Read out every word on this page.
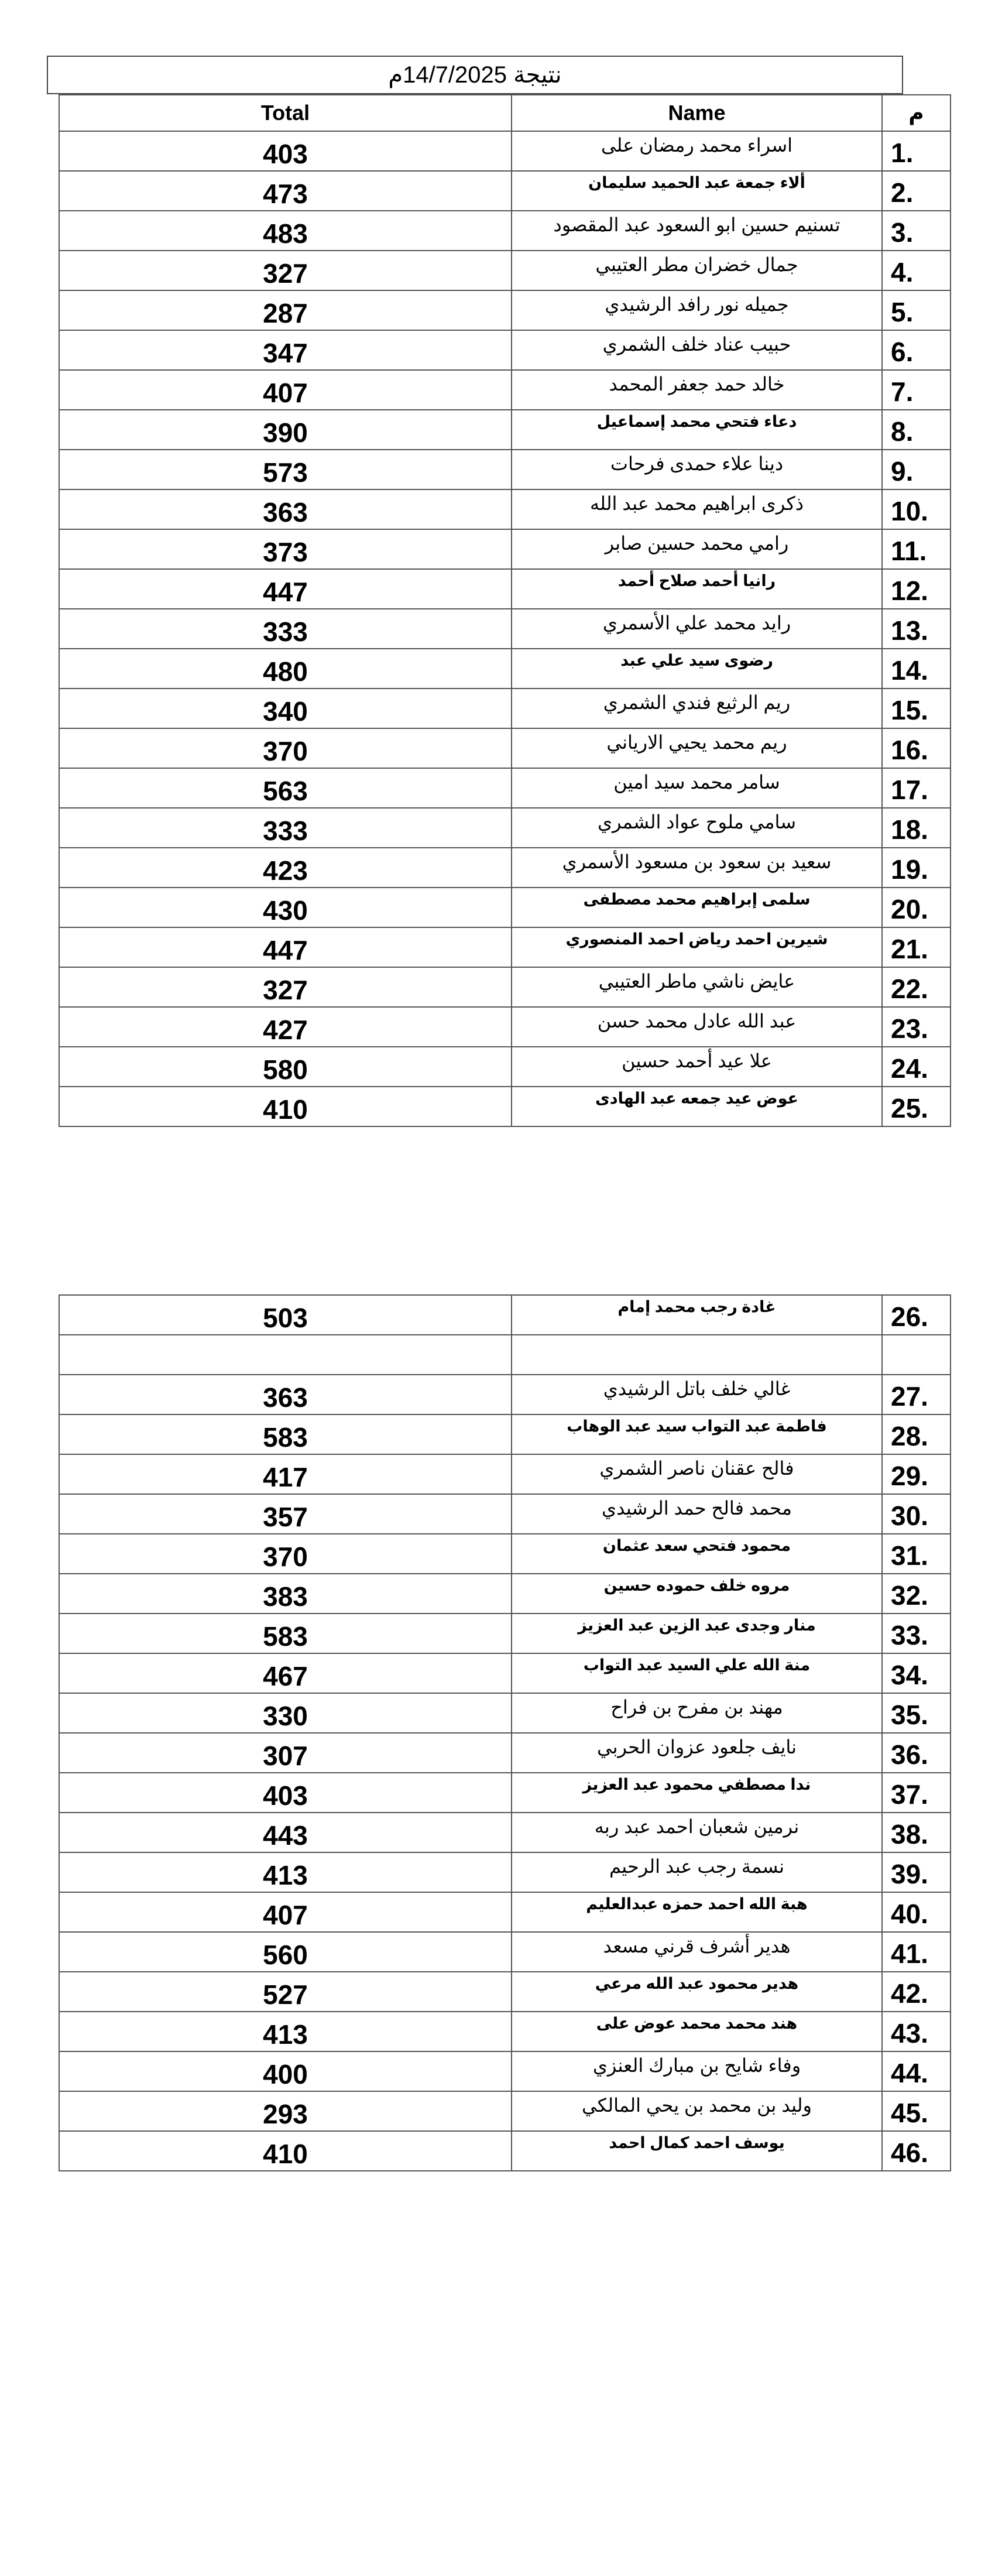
نتيجة 14/7/2025م
Total	Name	م
403	اسراء محمد رمضان على	1.
473	ألاء جمعة عبد الحميد سليمان	2.
483	تسنيم حسين ابو السعود عبد المقصود	3.
327	جمال خضران مطر العتيبي	4.
287	جميله نور رافد الرشيدي	5.
347	حبيب عناد خلف الشمري	6.
407	خالد حمد جعفر المحمد	7.
390	دعاء فتحي محمد إسماعيل	8.
573	دينا علاء حمدى فرحات	9.
363	ذكرى ابراهيم محمد عبد الله	10.
373	رامي محمد حسين صابر	11.
447	رانيا أحمد صلاح أحمد	12.
333	رايد محمد علي الأسمري	13.
480	رضوى سيد علي عبد	14.
340	ريم الرثيع فندي الشمري	15.
370	ريم محمد يحيي الارياني	16.
563	سامر محمد سيد امين	17.
333	سامي ملوح عواد الشمري	18.
423	سعيد بن سعود بن مسعود الأسمري	19.
430	سلمى إبراهيم محمد مصطفى	20.
447	شيرين احمد رياض احمد المنصوري	21.
327	عايض ناشي ماطر العتيبي	22.
427	عبد الله عادل محمد حسن	23.
580	علا عيد أحمد حسين	24.
410	عوض عيد جمعه عبد الهادى	25.
503	غادة رجب محمد إمام	26.

363	غالي خلف باتل الرشيدي	27.
583	فاطمة عبد التواب سيد عبد الوهاب	28.
417	فالح عقنان ناصر الشمري	29.
357	محمد فالح حمد الرشيدي	30.
370	محمود فتحي سعد عثمان	31.
383	مروه خلف حموده حسين	32.
583	منار وجدى عبد الزين عبد العزيز	33.
467	منة الله علي السيد عبد التواب	34.
330	مهند بن مفرح بن فراح	35.
307	نايف جلعود عزوان الحربي	36.
403	ندا مصطفي محمود عبد العزيز	37.
443	نرمين شعبان احمد عبد ربه	38.
413	نسمة رجب عبد الرحيم	39.
407	هبة الله احمد حمزه عبدالعليم	40.
560	هدير أشرف قرني مسعد	41.
527	هدير محمود عبد الله مرعي	42.
413	هند محمد محمد عوض على	43.
400	وفاء شايح بن مبارك العنزي	44.
293	وليد بن محمد بن يحي المالكي	45.
410	يوسف احمد كمال احمد	46.
